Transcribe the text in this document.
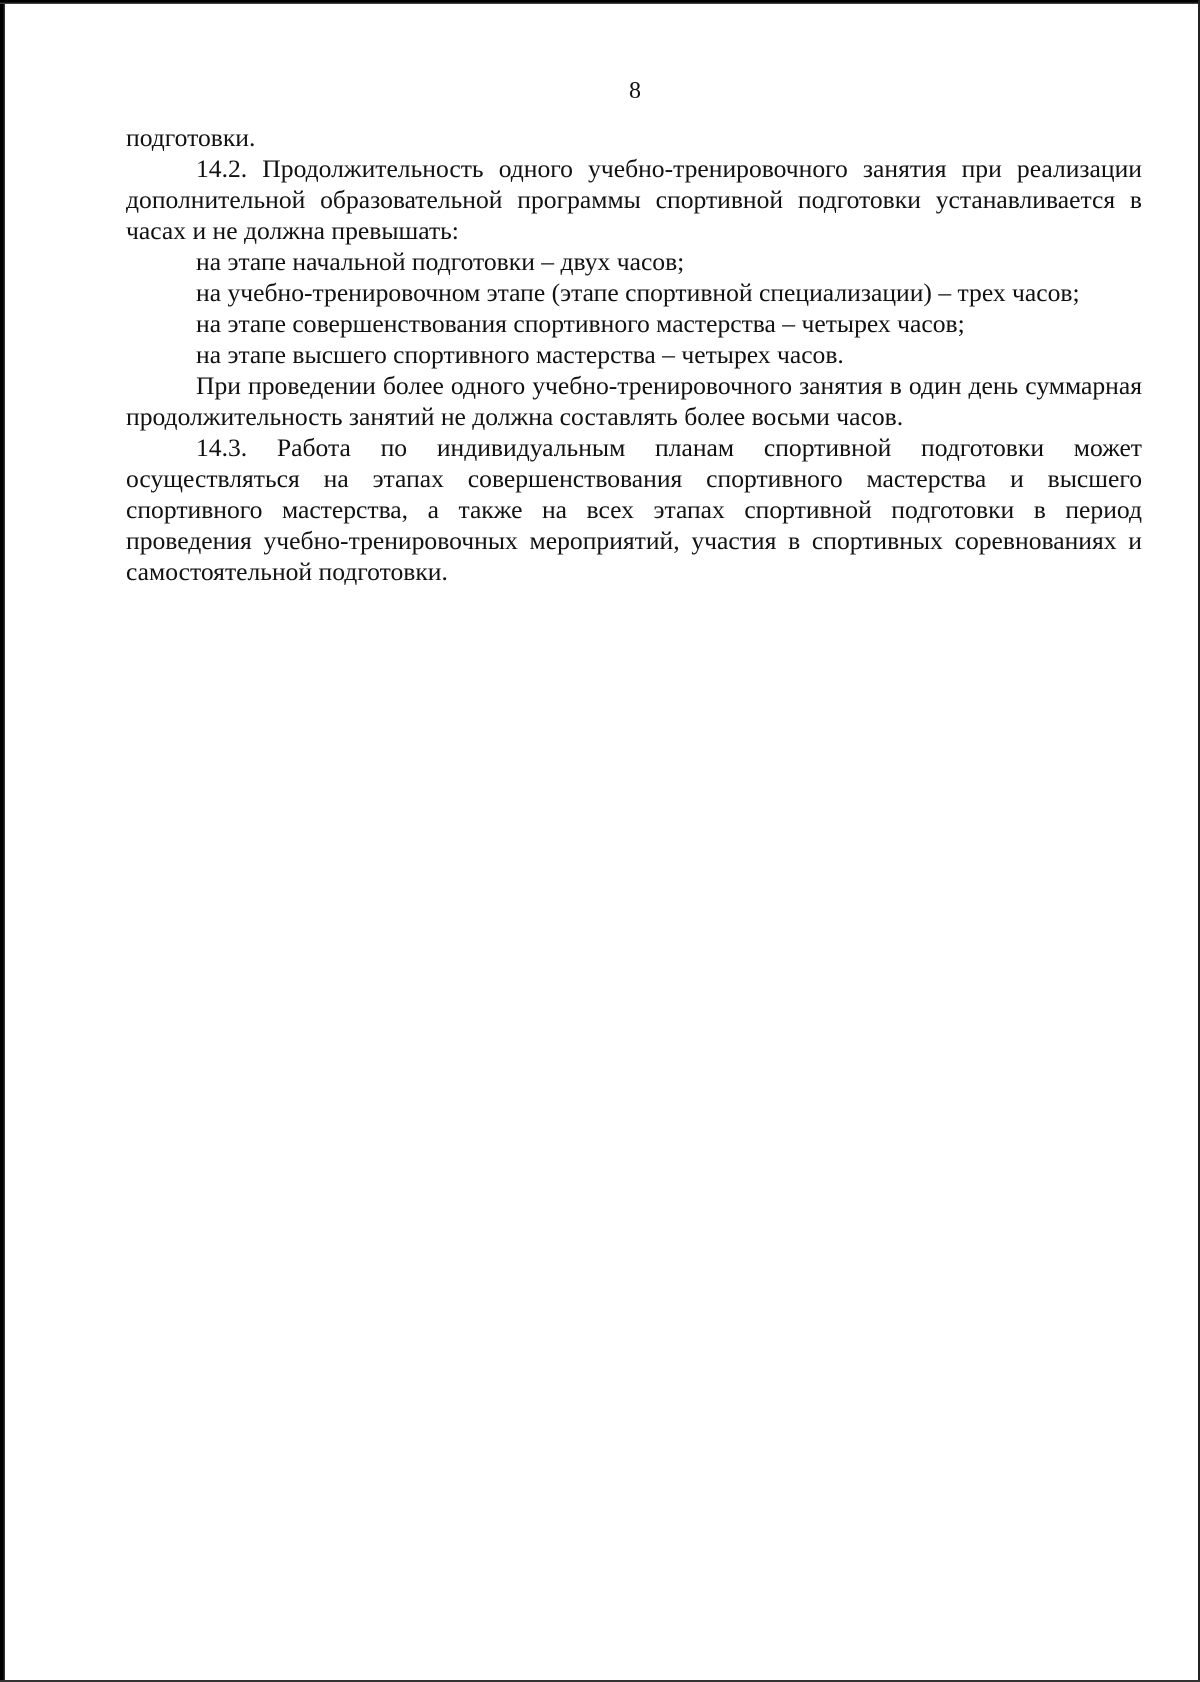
8

подготовки.

14.2. Продолжительность одного учебно-тренировочного занятия при реализации дополнительной образовательной программы спортивной подготовки устанавливается в часах и не должна превышать:

на этапе начальной подготовки – двух часов;

на учебно-тренировочном этапе (этапе спортивной специализации) – трех часов;

на этапе совершенствования спортивного мастерства – четырех часов;

на этапе высшего спортивного мастерства – четырех часов.

При проведении более одного учебно-тренировочного занятия в один день суммарная продолжительность занятий не должна составлять более восьми часов.

14.3. Работа по индивидуальным планам спортивной подготовки может осуществляться на этапах совершенствования спортивного мастерства и высшего спортивного мастерства, а также на всех этапах спортивной подготовки в период проведения учебно-тренировочных мероприятий, участия в спортивных соревнованиях и самостоятельной подготовки.
